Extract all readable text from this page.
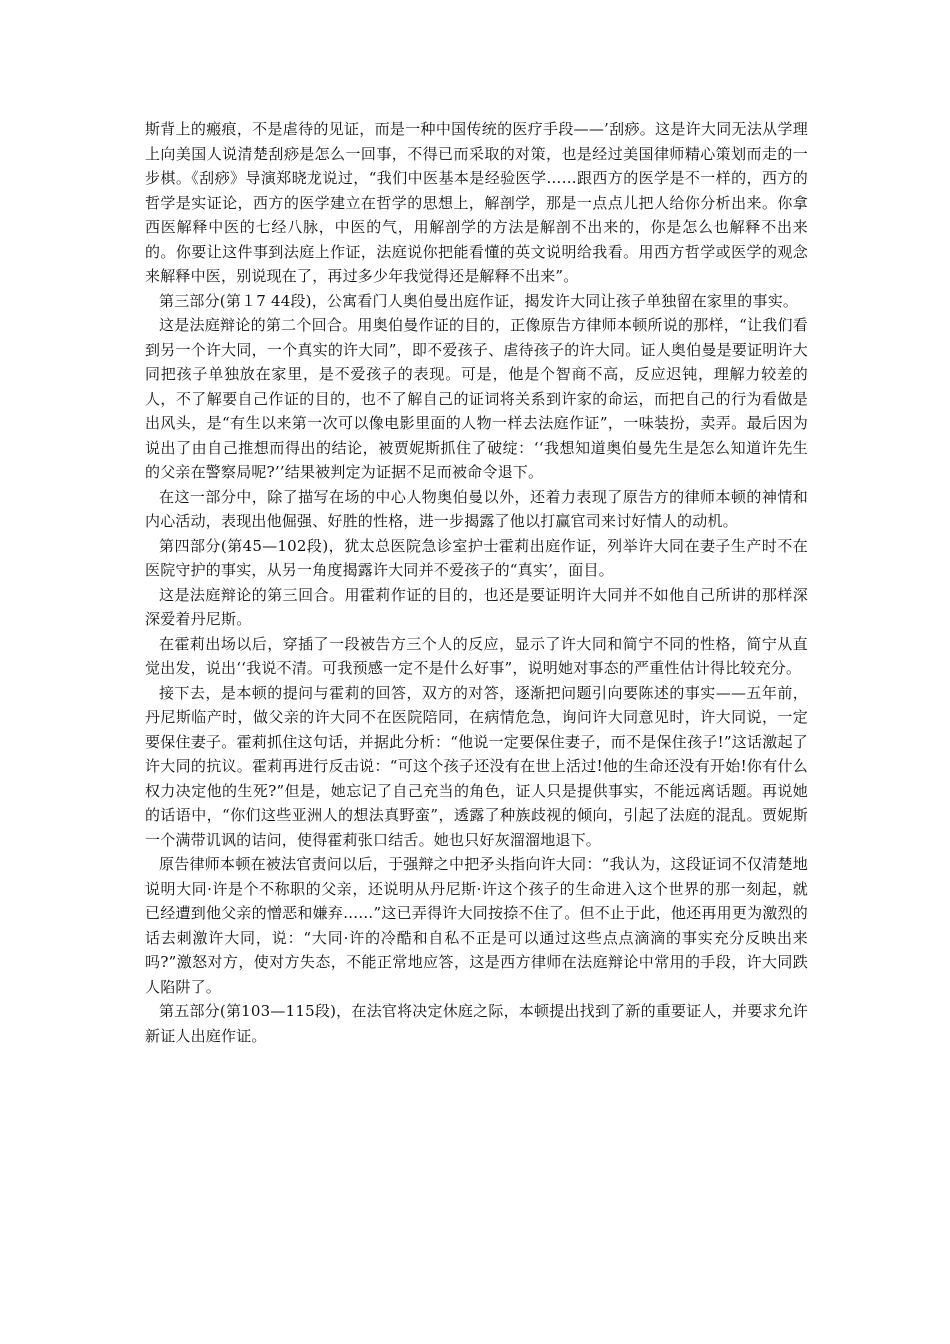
斯背上的瘢痕，不是虐待的见证，而是一种中国传统的医疗手段——’刮痧。这是许大同无法从学理上向美国人说清楚刮痧是怎么一回事，不得已而采取的对策，也是经过美国律师精心策划而走的一步棋。《刮痧》导演郑晓龙说过，“我们中医基本是经验医学……跟西方的医学是不一样的，西方的哲学是实证论，西方的医学建立在哲学的思想上，解剖学，那是一点点儿把人给你分析出来。你拿西医解释中医的七经八脉，中医的气，用解剖学的方法是解剖不出来的，你是怎么也解释不出来的。你要让这件事到法庭上作证，法庭说你把能看懂的英文说明给我看。用西方哲学或医学的观念来解释中医，别说现在了，再过多少年我觉得还是解释不出来”。

第三部分(第１7 44段)，公寓看门人奥伯曼出庭作证，揭发许大同让孩子单独留在家里的事实。

这是法庭辩论的第二个回合。用奥伯曼作证的目的，正像原告方律师本顿所说的那样，“让我们看到另一个许大同，一个真实的许大同”，即不爱孩子、虐待孩子的许大同。证人奥伯曼是要证明许大同把孩子单独放在家里，是不爱孩子的表现。可是，他是个智商不高，反应迟钝，理解力较差的人，不了解要自己作证的目的，也不了解自己的证词将关系到许家的命运，而把自己的行为看做是出风头，是“有生以来第一次可以像电影里面的人物一样去法庭作证”，一味装扮，卖弄。最后因为说出了由自己推想而得出的结论，被贾妮斯抓住了破绽：‘‘我想知道奥伯曼先生是怎么知道许先生的父亲在警察局呢?’’结果被判定为证据不足而被命令退下。

在这一部分中，除了描写在场的中心人物奥伯曼以外，还着力表现了原告方的律师本顿的神情和内心活动，表现出他倔强、好胜的性格，进一步揭露了他以打赢官司来讨好情人的动机。

第四部分(第45—102段)，犹太总医院急诊室护士霍莉出庭作证，列举许大同在妻子生产时不在医院守护的事实，从另一角度揭露许大同并不爱孩子的“真实’，面目。

这是法庭辩论的第三回合。用霍莉作证的目的，也还是要证明许大同并不如他自己所讲的那样深深爱着丹尼斯。

在霍莉出场以后，穿插了一段被告方三个人的反应，显示了许大同和简宁不同的性格，简宁从直觉出发，说出‘‘我说不清。可我预感一定不是什么好事”，说明她对事态的严重性估计得比较充分。

接下去，是本顿的提问与霍莉的回答，双方的对答，逐渐把问题引向要陈述的事实——五年前，丹尼斯临产时，做父亲的许大同不在医院陪同，在病情危急，询问许大同意见时，许大同说，一定要保住妻子。霍莉抓住这句话，并据此分析：“他说一定要保住妻子，而不是保住孩子!”这话激起了许大同的抗议。霍莉再进行反击说：“可这个孩子还没有在世上活过!他的生命还没有开始!你有什么权力决定他的生死?”但是，她忘记了自己充当的角色，证人只是提供事实，不能远离话题。再说她的话语中，“你们这些亚洲人的想法真野蛮”，透露了种族歧视的倾向，引起了法庭的混乱。贾妮斯一个满带讥讽的诘问，使得霍莉张口结舌。她也只好灰溜溜地退下。

原告律师本顿在被法官责问以后，于强辩之中把矛头指向许大同：“我认为，这段证词不仅清楚地说明大同·许是个不称职的父亲，还说明从丹尼斯·许这个孩子的生命进入这个世界的那一刻起，就已经遭到他父亲的憎恶和嫌弃……”这已弄得许大同按捺不住了。但不止于此，他还再用更为激烈的话去刺激许大同，说：“大同·许的冷酷和自私不正是可以通过这些点点滴滴的事实充分反映出来吗?”激怒对方，使对方失态，不能正常地应答，这是西方律师在法庭辩论中常用的手段，许大同跌人陷阱了。

第五部分(第103—115段)，在法官将决定休庭之际，本顿提出找到了新的重要证人，并要求允许新证人出庭作证。
